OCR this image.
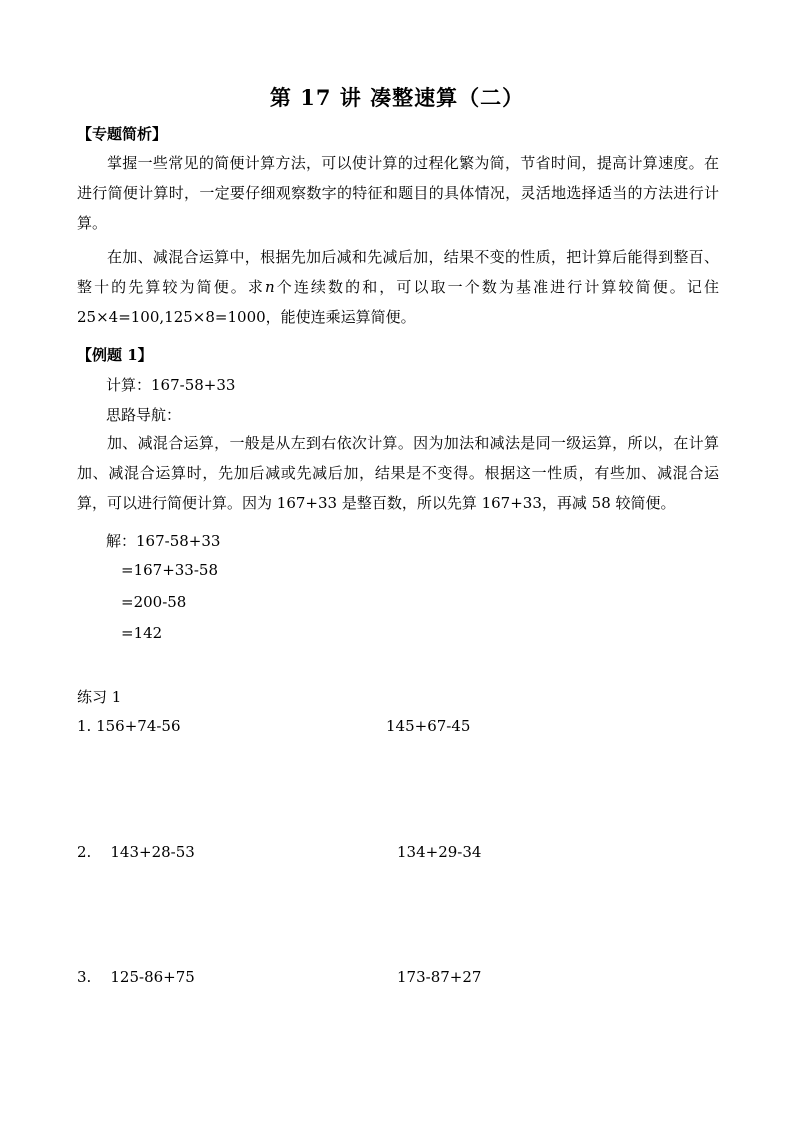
第 17 讲 凑整速算（二）
【专题简析】
掌握一些常见的简便计算方法，可以使计算的过程化繁为简，节省时间，提高计算速度。在进行简便计算时，一定要仔细观察数字的特征和题目的具体情况，灵活地选择适当的方法进行计算。
在加、减混合运算中，根据先加后减和先减后加，结果不变的性质，把计算后能得到整百、整十的先算较为简便。求n个连续数的和，可以取一个数为基准进行计算较简便。记住 25×4=100,125×8=1000，能使连乘运算简便。
【例题 1】
计算：167-58+33
思路导航：
加、减混合运算，一般是从左到右依次计算。因为加法和减法是同一级运算，所以，在计算加、减混合运算时，先加后减或先减后加，结果是不变得。根据这一性质，有些加、减混合运算，可以进行简便计算。因为 167+33 是整百数，所以先算 167+33，再减 58 较简便。
解：167-58+33
=167+33-58
=200-58
=142
练习 1
1. 156+74-56	145+67-45
2.    143+28-53	134+29-34
3.    125-86+75	173-87+27
